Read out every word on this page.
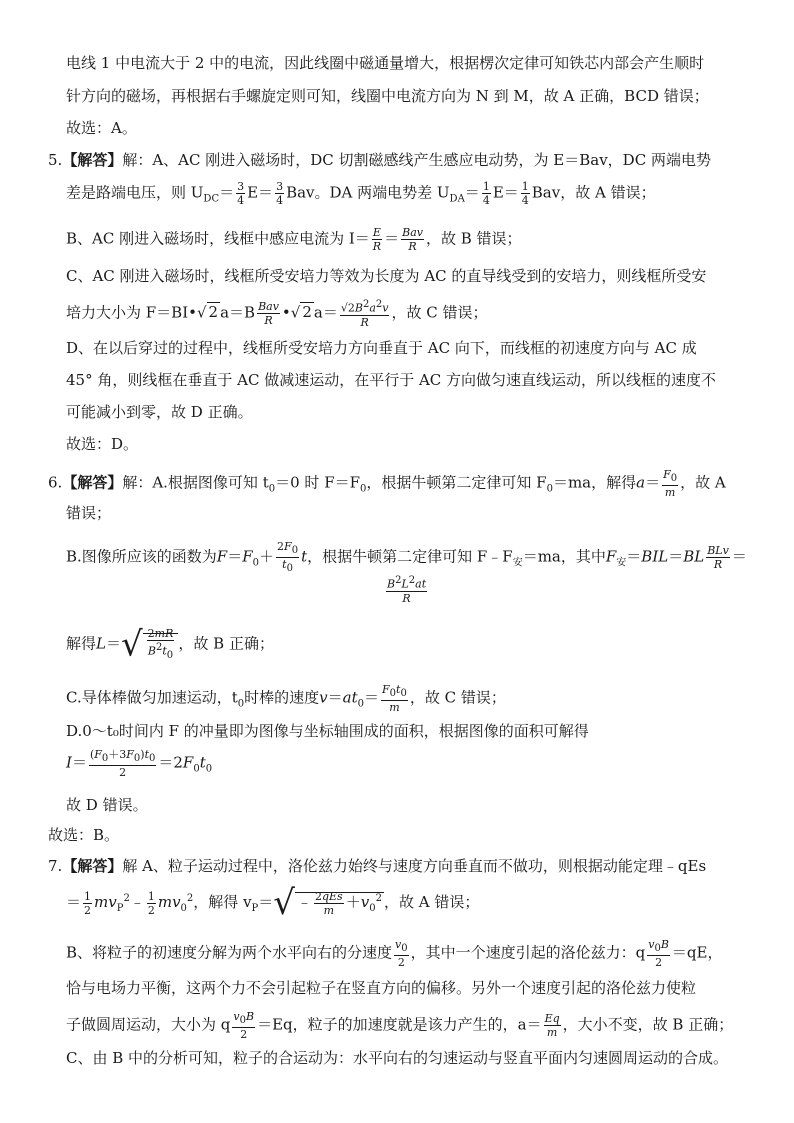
电线 1 中电流大于 2 中的电流，因此线圈中磁通量增大，根据楞次定律可知铁芯内部会产生顺时
针方向的磁场，再根据右手螺旋定则可知，线圈中电流方向为 N 到 M，故 A 正确，BCD 错误；
故选：A。
5.【解答】解：A、AC 刚进入磁场时，DC 切割磁感线产生感应电动势，为 E＝Bav，DC 两端电势
差是路端电压，则 $U_{DC}= \frac{3}{4} E= \frac{3}{4}$ Bav。DA 两端电势差 $U_{DA}= \frac{1}{4} E= \frac{1}{4}$ Bav，故 A 错误；
B、AC 刚进入磁场时，线框中感应电流为 $I= \frac{E}{R} = \frac{\text{Bav}}{R}$ ，故 B 错误；
C、AC 刚进入磁场时，线框所受安培力等效为长度为 AC 的直导线受到的安培力，则线框所受安
培力大小为 F＝BI•√ 2 $a=B \frac{\text{Bav}}{R}$ •√ 2 $a= \frac{√2B^2a^2v}{R}$ ，故 C 错误；
D、在以后穿过的过程中，线框所受安培力方向垂直于 AC 向下，而线框的初速度方向与 AC 成
45° 角，则线框在垂直于 AC 做减速运动，在平行于 AC 方向做匀速直线运动，所以线框的速度不
可能减小到零，故 D 正确。
故选：D。
6.【解答】解：A.根据图像可知 $t_0=0$ 时 $F=F_0$，根据牛顿第二定律可知 $F_0=ma$，解得$a= \frac{F_0}{m}$ ，故 A
错误；
B.图像所应该的函数为$F=F_0+ \frac{2F_0}{t_0}$ t，根据牛顿第二定律可知 $F﹣F_安=ma$，其中$F_安=BIL=BL \frac{\text{BLv}}{R}$ ＝
$\frac{B^2L^2at}{R}$
解得$L=√ \frac{2mR}{B^2t_0}$ ，故 B 正确；
C.导体棒做匀加速运动，$t_0$时棒的速度$v=at_0= \frac{F_0t_0}{m}$ ，故 C 错误；
D.0～t₀时间内 F 的冲量即为图像与坐标轴围成的面积，根据图像的面积可解得
$I= \frac{(F_0+3F_0)t_0}{2} =2F_0t_0$
故 D 错误。
故选：B。
7.【解答】解 A、粒子运动过程中，洛伦兹力始终与速度方向垂直而不做功，则根据动能定理﹣qEs
＝ $\frac{1}{2}$ $mv_P^2﹣ \frac{1}{2} mv_0^2$，解得 $v_P=√$ ﹣ $\frac{\text{2qEs}}{m} +v_0^2$ ，故 A 错误；
B、将粒子的初速度分解为两个水平向右的分速度 $\frac{v_0}{2}$ ，其中一个速度引起的洛伦兹力：q $\frac{v_0B}{2} =qE$，
恰与电场力平衡，这两个力不会引起粒子在竖直方向的偏移。另外一个速度引起的洛伦兹力使粒
子做圆周运动，大小为 q $\frac{v_0B}{2} =Eq$，粒子的加速度就是该力产生的，$a= \frac{Eq}{m}$ ，大小不变，故 B 正确；
C、由 B 中的分析可知，粒子的合运动为：水平向右的匀速运动与竖直平面内匀速圆周运动的合成。
